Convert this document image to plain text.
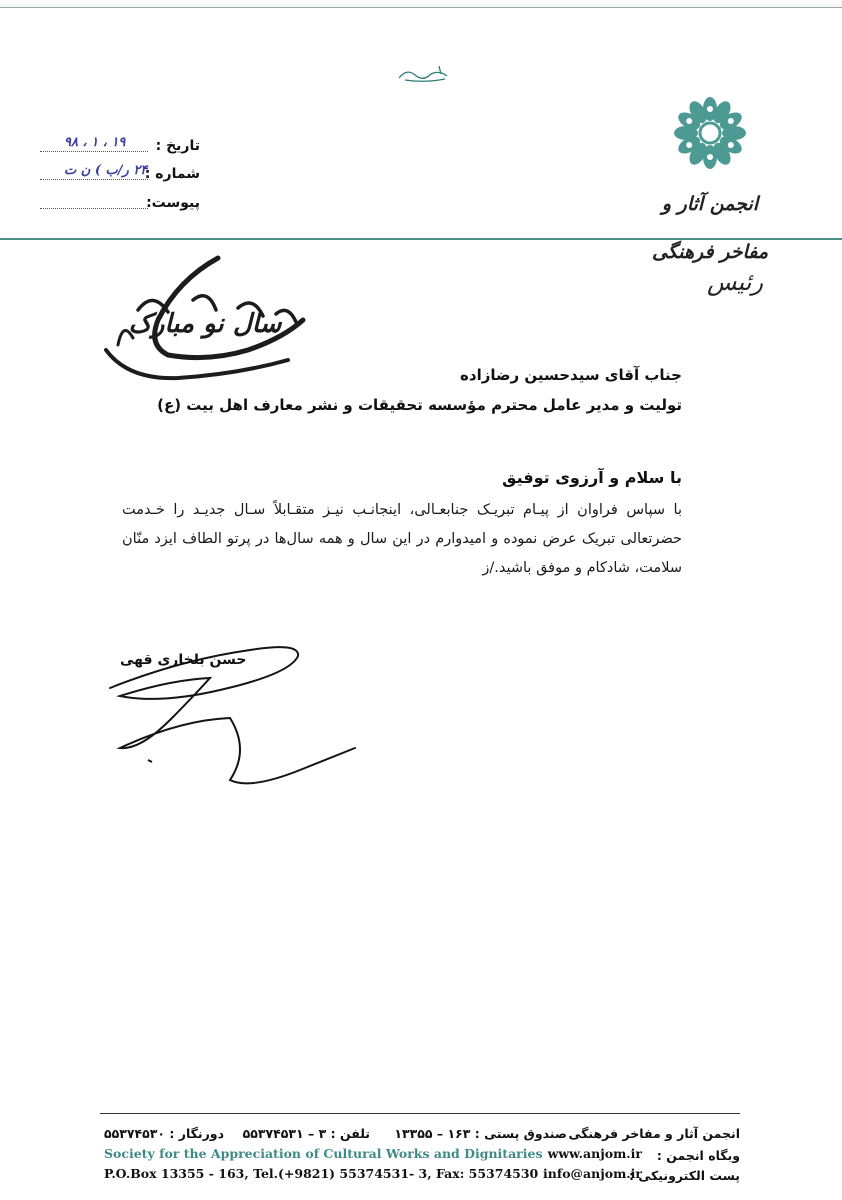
انجمن آثار و مفاخر فرهنگی
تاریخ :
۱۹ ، ۱ ، ۹۸
شماره :
۲۴ ر/ب ) ن ت
پیوست:
رئیس
سال نو مبارک
جناب آقای سیدحسین رضازاده
تولیت و مدیر عامل محترم مؤسسه تحقیقات و نشر معارف اهل بیت (ع)
با سلام و آرزوی توفیق
با سپاس فراوان از پیـام تبریـک جنابعـالی، اینجانـب نیـز متقـابلاً سـال جدیـد را خـدمت حضرتعالی تبریک عرض نموده و امیدوارم در این سال و همه سال‌ها در پرتو الطاف ایزد منّان سلامت، شادکام و موفق باشید./ز
حسن بلخاری قهی
انجمن آثار و مفاخر فرهنگی
صندوق پستی : ۱۶۳ – ۱۳۳۵۵
تلفن : ۳ – ۵۵۳۷۴۵۳۱
دورنگار : ۵۵۳۷۴۵۳۰
Society for the Appreciation of Cultural Works and Dignitaries	وبگاه انجمن :
www.anjom.ir
P.O.Box 13355 - 163, Tel.(+9821) 55374531- 3, Fax: 55374530	پست الکترونیکی :
info@anjom.ir
